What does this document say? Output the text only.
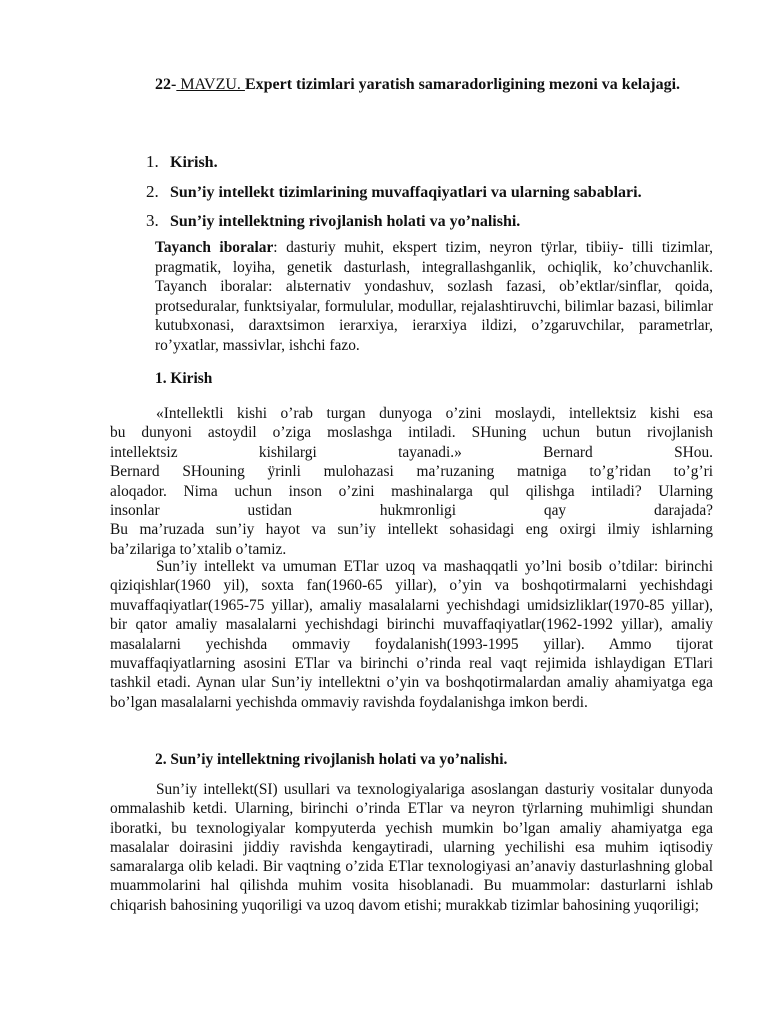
22- MAVZU. Expert tizimlari yaratish samaradorligining mezoni va kelajagi.
1. Kirish.
2. Sun’iy intellekt tizimlarining muvaffaqiyatlari va ularning sabablari.
3. Sun’iy intellektning rivojlanish holati va yo’nalishi.
Tayanch iboralar: dasturiy muhit, ekspert tizim, neyron tÿrlar, tibiiy- tilli tizimlar, pragmatik, loyiha, genetik dasturlash, integrallashganlik, ochiqlik, ko’chuvchanlik. Tayanch iboralar: alьternativ yondashuv, sozlash fazasi, ob’ektlar/sinflar, qoida, protseduralar, funktsiyalar, formulular, modullar, rejalashtiruvchi, bilimlar bazasi, bilimlar kutubxonasi, daraxtsimon ierarxiya, ierarxiya ildizi, o’zgaruvchilar, parametrlar, ro’yxatlar, massivlar, ishchi fazo.
1. Kirish
«Intellektli kishi o’rab turgan dunyoga o’zini moslaydi, intellektsiz kishi esa
bu dunyoni astoydil o’ziga moslashga intiladi. SHuning uchun butun rivojlanish
intellektsiz kishilargi tayanadi.» Bernard SHou.
Bernard SHouning ÿrinli mulohazasi ma’ruzaning matniga to’g’ridan to’g’ri
aloqador. Nima uchun inson o’zini mashinalarga qul qilishga intiladi? Ularning
insonlar ustidan hukmronligi qay darajada?
Bu ma’ruzada sun’iy hayot va sun’iy intellekt sohasidagi eng oxirgi ilmiy ishlarning
ba’zilariga to’xtalib o’tamiz.
Sun’iy intellekt va umuman ETlar uzoq va mashaqqatli yo’lni bosib o’tdilar: birinchi qiziqishlar(1960 yil), soxta fan(1960-65 yillar), o’yin va boshqotirmalarni yechishdagi muvaffaqiyatlar(1965-75 yillar), amaliy masalalarni yechishdagi umidsizliklar(1970-85 yillar), bir qator amaliy masalalarni yechishdagi birinchi muvaffaqiyatlar(1962-1992 yillar), amaliy masalalarni yechishda ommaviy foydalanish(1993-1995 yillar). Ammo tijorat muvaffaqiyatlarning asosini ETlar va birinchi o’rinda real vaqt rejimida ishlaydigan ETlari tashkil etadi. Aynan ular Sun’iy intellektni o’yin va boshqotirmalardan amaliy ahamiyatga ega bo’lgan masalalarni yechishda ommaviy ravishda foydalanishga imkon berdi.
2. Sun’iy intellektning rivojlanish holati va yo’nalishi.
Sun’iy intellekt(SI) usullari va texnologiyalariga asoslangan dasturiy vositalar dunyoda ommalashib ketdi. Ularning, birinchi o’rinda ETlar va neyron tÿrlarning muhimligi shundan iboratki, bu texnologiyalar kompyuterda yechish mumkin bo’lgan amaliy ahamiyatga ega masalalar doirasini jiddiy ravishda kengaytiradi, ularning yechilishi esa muhim iqtisodiy samaralarga olib keladi. Bir vaqtning o’zida ETlar texnologiyasi an’anaviy dasturlashning global muammolarini hal qilishda muhim vosita hisoblanadi. Bu muammolar: dasturlarni ishlab chiqarish bahosining yuqoriligi va uzoq davom etishi; murakkab tizimlar bahosining yuqoriligi;
